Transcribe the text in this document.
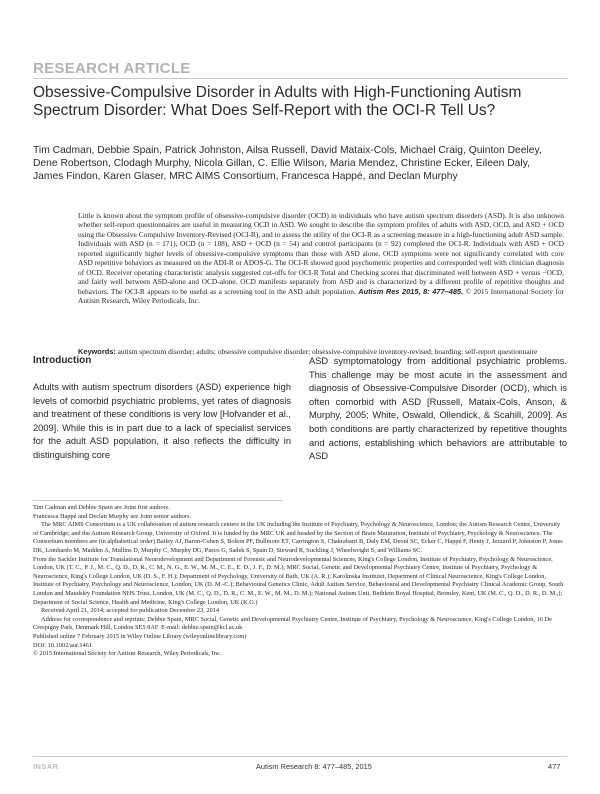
RESEARCH ARTICLE
Obsessive-Compulsive Disorder in Adults with High-Functioning Autism Spectrum Disorder: What Does Self-Report with the OCI-R Tell Us?
Tim Cadman, Debbie Spain, Patrick Johnston, Ailsa Russell, David Mataix-Cols, Michael Craig, Quinton Deeley, Dene Robertson, Clodagh Murphy, Nicola Gillan, C. Ellie Wilson, Maria Mendez, Christine Ecker, Eileen Daly, James Findon, Karen Glaser, MRC AIMS Consortium, Francesca Happé, and Declan Murphy
Little is known about the symptom profile of obsessive-compulsive disorder (OCD) in individuals who have autism spectrum disorders (ASD). It is also unknown whether self-report questionnaires are useful in measuring OCD in ASD. We sought to describe the symptom profiles of adults with ASD, OCD, and ASD + OCD using the Obsessive Compulsive Inventory-Revised (OCI-R), and to assess the utility of the OCI-R as a screening measure in a high-functioning adult ASD sample. Individuals with ASD (n = 171), OCD (n = 108), ASD + OCD (n = 54) and control participants (n = 92) completed the OCI-R. Individuals with ASD + OCD reported significantly higher levels of obsessive-compulsive symptoms than those with ASD alone. OCD symptoms were not significantly correlated with core ASD repetitive behaviors as measured on the ADI-R or ADOS-G. The OCI-R showed good psychometric properties and corresponded well with clinician diagnosis of OCD. Receiver operating characteristic analysis suggested cut-offs for OCI-R Total and Checking scores that discriminated well between ASD + versus −OCD, and fairly well between ASD-alone and OCD-alone. OCD manifests separately from ASD and is characterized by a different profile of repetitive thoughts and behaviors. The OCI-R appears to be useful as a screening tool in the ASD adult population. Autism Res 2015, 8: 477–485. © 2015 International Society for Autism Research, Wiley Periodicals, Inc.
Keywords: autism spectrum disorder; adults; obsessive compulsive disorder; obsessive-compulsive inventory-revised; hoarding; self-report questionnaire
Introduction
Adults with autism spectrum disorders (ASD) experience high levels of comorbid psychiatric problems, yet rates of diagnosis and treatment of these conditions is very low [Hofvander et al., 2009]. While this is in part due to a lack of specialist services for the adult ASD population, it also reflects the difficulty in distinguishing core
ASD symptomatology from additional psychiatric problems. This challenge may be most acute in the assessment and diagnosis of Obsessive-Compulsive Disorder (OCD), which is often comorbid with ASD [Russell, Mataix-Cols, Anson, & Murphy, 2005; White, Oswald, Ollendick, & Scahill, 2009]. As both conditions are partly characterized by repetitive thoughts and actions, establishing which behaviors are attributable to ASD

Tim Cadman and Debbie Spain are Joint first authors.

Francesca Happé and Declan Murphy are Joint senior authors.

The MRC AIMS Consortium is a UK collaboration of autism research centers in the UK including the Institute of Psychiatry, Psychology & Neuroscience, London; the Autism Research Centre, University of Cambridge; and the Autism Research Group, University of Oxford. It is funded by the MRC UK and headed by the Section of Brain Maturation, Institute of Psychiatry, Psychology & Neuroscience. The Consortium members are (in alphabetical order) Bailey AJ, Baron-Cohen S, Bolton PF, Bullmore ET, Carrington S, Chakrabarti B, Daly EM, Deoni SC, Ecker C, Happé F, Henty J, Jezzard P, Johnston P, Jones DK, Lombardo M, Madden A, Mullins D, Murphy C, Murphy DG, Pasco G, Sadek S, Spain D, Steward R, Suckling J, Wheelwright S, and Williams SC.

From the Sackler Institute for Translational Neurodevelopment and Department of Forensic and Neurodevelopmental Sciences, King's College London, Institute of Psychiatry, Psychology & Neuroscience, London, UK (T. C., P. J., M. C., Q. D., D. R., C. M., N. G., E. W., M. M., C. E., E. D., J. F., D. M.); MRC Social, Genetic and Developmental Psychiatry Centre, Institute of Psychiatry, Psychology & Neuroscience, King's College London, UK (D. S., F. H.); Department of Psychology, University of Bath, UK (A. R.); Karolinska Institutet, Department of Clinical Neuroscience, King's College London, Institute of Psychiatry, Psychology and Neuroscience, London, UK (D. M.-C.); Behavioural Genetics Clinic, Adult Autism Service, Behavioural and Developmental Psychiatry Clinical Academic Group, South London and Maudsley Foundation NHS Trust, London, UK (M. C., Q. D., D. R., C. M., E. W., M. M., D. M.); National Autism Unit, Bethlem Royal Hospital, Bromley, Kent, UK (M. C., Q. D., D. R., D. M.,); Department of Social Science, Health and Medicine, King's College London, UK (K.G.)

Received April 21, 2014; accepted for publication December 23, 2014

Address for correspondence and reprints: Debbie Spain, MRC Social, Genetic and Developmental Psychiatry Centre, Institute of Psychiatry, Psychology & Neuroscience, King's College London, 16 De Crespigny Park, Denmark Hill, London SE5 8AF. E-mail: debbie.spain@kcl.ac.uk

Published online 7 February 2015 in Wiley Online Library (wileyonlinelibrary.com)

DOI: 10.1002/aur.1461

© 2015 International Society for Autism Research, Wiley Periodicals, Inc.

INSAR	Autism Research 8: 477–485, 2015	477
